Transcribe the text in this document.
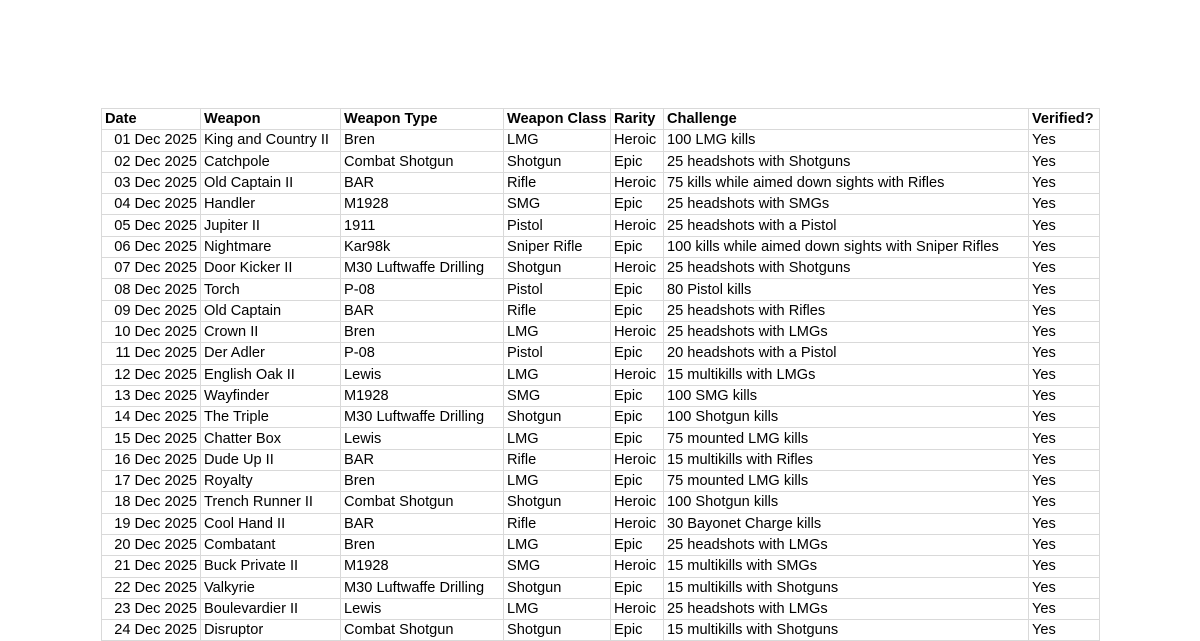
Date	Weapon	Weapon Type	Weapon Class	Rarity	Challenge	Verified?
01 Dec 2025	King and Country II	Bren	LMG	Heroic	100 LMG kills	Yes
02 Dec 2025	Catchpole	Combat Shotgun	Shotgun	Epic	25 headshots with Shotguns	Yes
03 Dec 2025	Old Captain II	BAR	Rifle	Heroic	75 kills while aimed down sights with Rifles	Yes
04 Dec 2025	Handler	M1928	SMG	Epic	25 headshots with SMGs	Yes
05 Dec 2025	Jupiter II	1911	Pistol	Heroic	25 headshots with a Pistol	Yes
06 Dec 2025	Nightmare	Kar98k	Sniper Rifle	Epic	100 kills while aimed down sights with Sniper Rifles	Yes
07 Dec 2025	Door Kicker II	M30 Luftwaffe Drilling	Shotgun	Heroic	25 headshots with Shotguns	Yes
08 Dec 2025	Torch	P-08	Pistol	Epic	80 Pistol kills	Yes
09 Dec 2025	Old Captain	BAR	Rifle	Epic	25 headshots with Rifles	Yes
10 Dec 2025	Crown II	Bren	LMG	Heroic	25 headshots with LMGs	Yes
11 Dec 2025	Der Adler	P-08	Pistol	Epic	20 headshots with a Pistol	Yes
12 Dec 2025	English Oak II	Lewis	LMG	Heroic	15 multikills with LMGs	Yes
13 Dec 2025	Wayfinder	M1928	SMG	Epic	100 SMG kills	Yes
14 Dec 2025	The Triple	M30 Luftwaffe Drilling	Shotgun	Epic	100 Shotgun kills	Yes
15 Dec 2025	Chatter Box	Lewis	LMG	Epic	75 mounted LMG kills	Yes
16 Dec 2025	Dude Up II	BAR	Rifle	Heroic	15 multikills with Rifles	Yes
17 Dec 2025	Royalty	Bren	LMG	Epic	75 mounted LMG kills	Yes
18 Dec 2025	Trench Runner II	Combat Shotgun	Shotgun	Heroic	100 Shotgun kills	Yes
19 Dec 2025	Cool Hand II	BAR	Rifle	Heroic	30 Bayonet Charge kills	Yes
20 Dec 2025	Combatant	Bren	LMG	Epic	25 headshots with LMGs	Yes
21 Dec 2025	Buck Private II	M1928	SMG	Heroic	15 multikills with SMGs	Yes
22 Dec 2025	Valkyrie	M30 Luftwaffe Drilling	Shotgun	Epic	15 multikills with Shotguns	Yes
23 Dec 2025	Boulevardier II	Lewis	LMG	Heroic	25 headshots with LMGs	Yes
24 Dec 2025	Disruptor	Combat Shotgun	Shotgun	Epic	15 multikills with Shotguns	Yes
